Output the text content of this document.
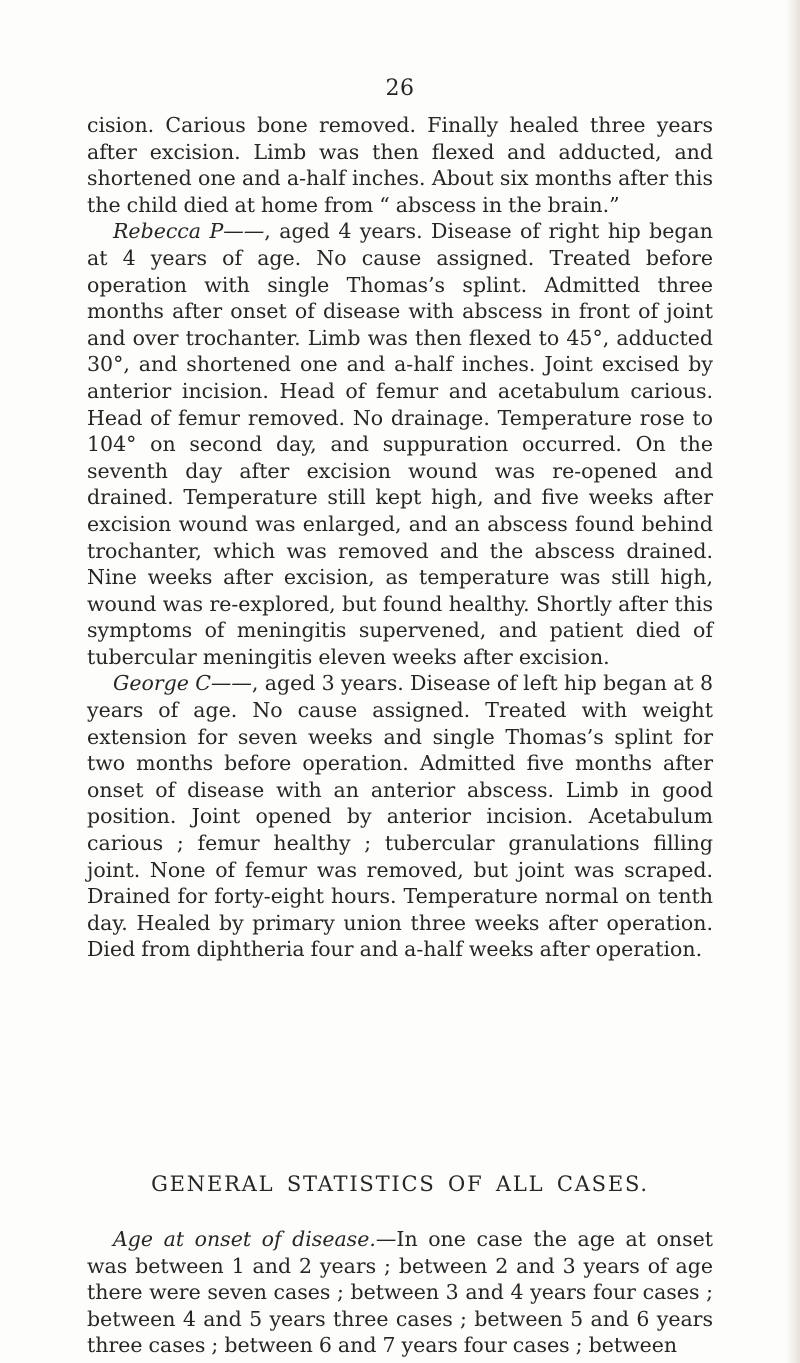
26

cision. Carious bone removed. Finally healed three years after excision. Limb was then flexed and adducted, and shortened one and a-half inches. About six months after this the child died at home from “ abscess in the brain.”

Rebecca P——, aged 4 years. Disease of right hip began at 4 years of age. No cause assigned. Treated before operation with single Thomas’s splint. Admitted three months after onset of disease with abscess in front of joint and over trochanter. Limb was then flexed to 45°, adducted 30°, and shortened one and a-half inches. Joint excised by anterior incision. Head of femur and acetabulum carious. Head of femur removed. No drainage. Temperature rose to 104° on second day, and suppuration occurred. On the seventh day after excision wound was re-opened and drained. Temperature still kept high, and five weeks after excision wound was enlarged, and an abscess found behind trochanter, which was removed and the abscess drained. Nine weeks after excision, as temperature was still high, wound was re-explored, but found healthy. Shortly after this symptoms of meningitis supervened, and patient died of tubercular meningitis eleven weeks after excision.

George C——, aged 3 years. Disease of left hip began at 8 years of age. No cause assigned. Treated with weight extension for seven weeks and single Thomas’s splint for two months before operation. Admitted five months after onset of disease with an anterior abscess. Limb in good position. Joint opened by anterior incision. Acetabulum carious ; femur healthy ; tubercular granulations filling joint. None of femur was removed, but joint was scraped. Drained for forty-eight hours. Temperature normal on tenth day. Healed by primary union three weeks after operation. Died from diphtheria four and a-half weeks after operation.

GENERAL STATISTICS OF ALL CASES.

Age at onset of disease.—In one case the age at onset was between 1 and 2 years ; between 2 and 3 years of age there were seven cases ; between 3 and 4 years four cases ; between 4 and 5 years three cases ; between 5 and 6 years three cases ; between 6 and 7 years four cases ; between
